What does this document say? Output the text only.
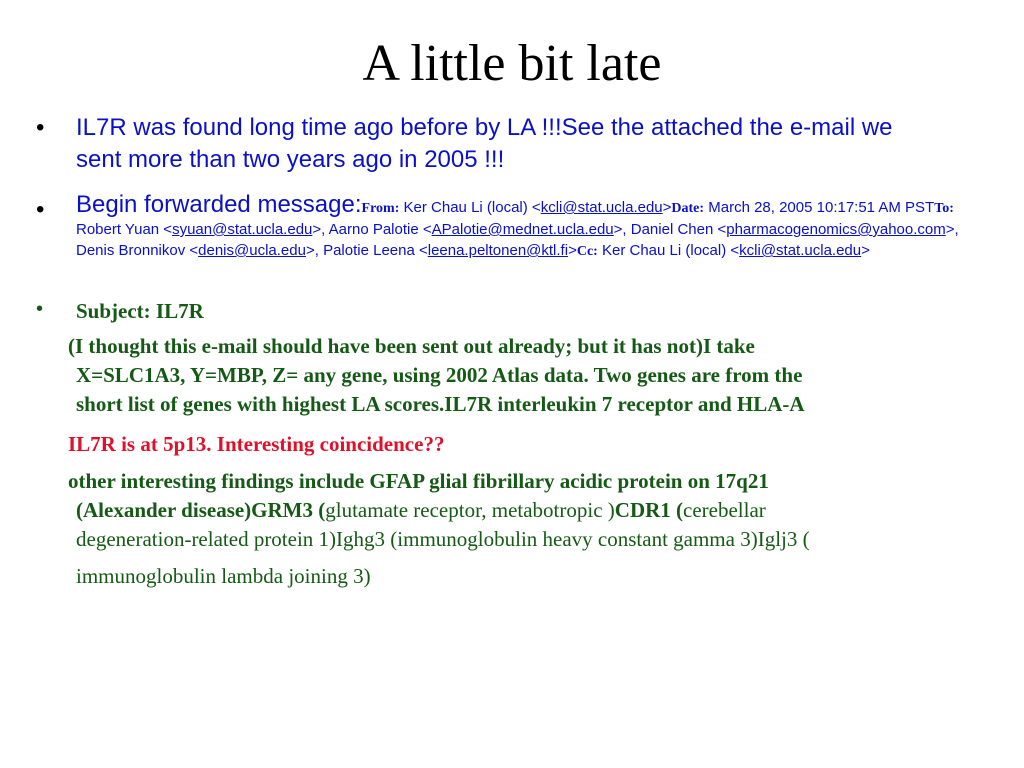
A little bit late
• IL7R was found long time ago before by LA !!!See the attached the e-mail we
sent more than two years ago in 2005 !!!
• Begin forwarded message:From: Ker Chau Li (local) <kcli@stat.ucla.edu>Date: March 28, 2005 10:17:51 AM PSTTo: Robert Yuan <syuan@stat.ucla.edu>, Aarno Palotie <APalotie@mednet.ucla.edu>, Daniel Chen <pharmacogenomics@yahoo.com>, Denis Bronnikov <denis@ucla.edu>, Palotie Leena <leena.peltonen@ktl.fi>Cc: Ker Chau Li (local) <kcli@stat.ucla.edu>
• Subject: IL7R
(I thought this e-mail should have been sent out already; but it has not)I take
X=SLC1A3, Y=MBP, Z= any gene, using 2002 Atlas data. Two genes are from the
short list of genes with highest LA scores.IL7R interleukin 7 receptor and HLA-A
IL7R is at 5p13. Interesting coincidence??
other interesting findings include GFAP glial fibrillary acidic protein on 17q21
(Alexander disease)GRM3 (glutamate receptor, metabotropic )CDR1 (cerebellar
degeneration-related protein 1)Ighg3 (immunoglobulin heavy constant gamma 3)Iglj3 (
immunoglobulin lambda joining 3)
